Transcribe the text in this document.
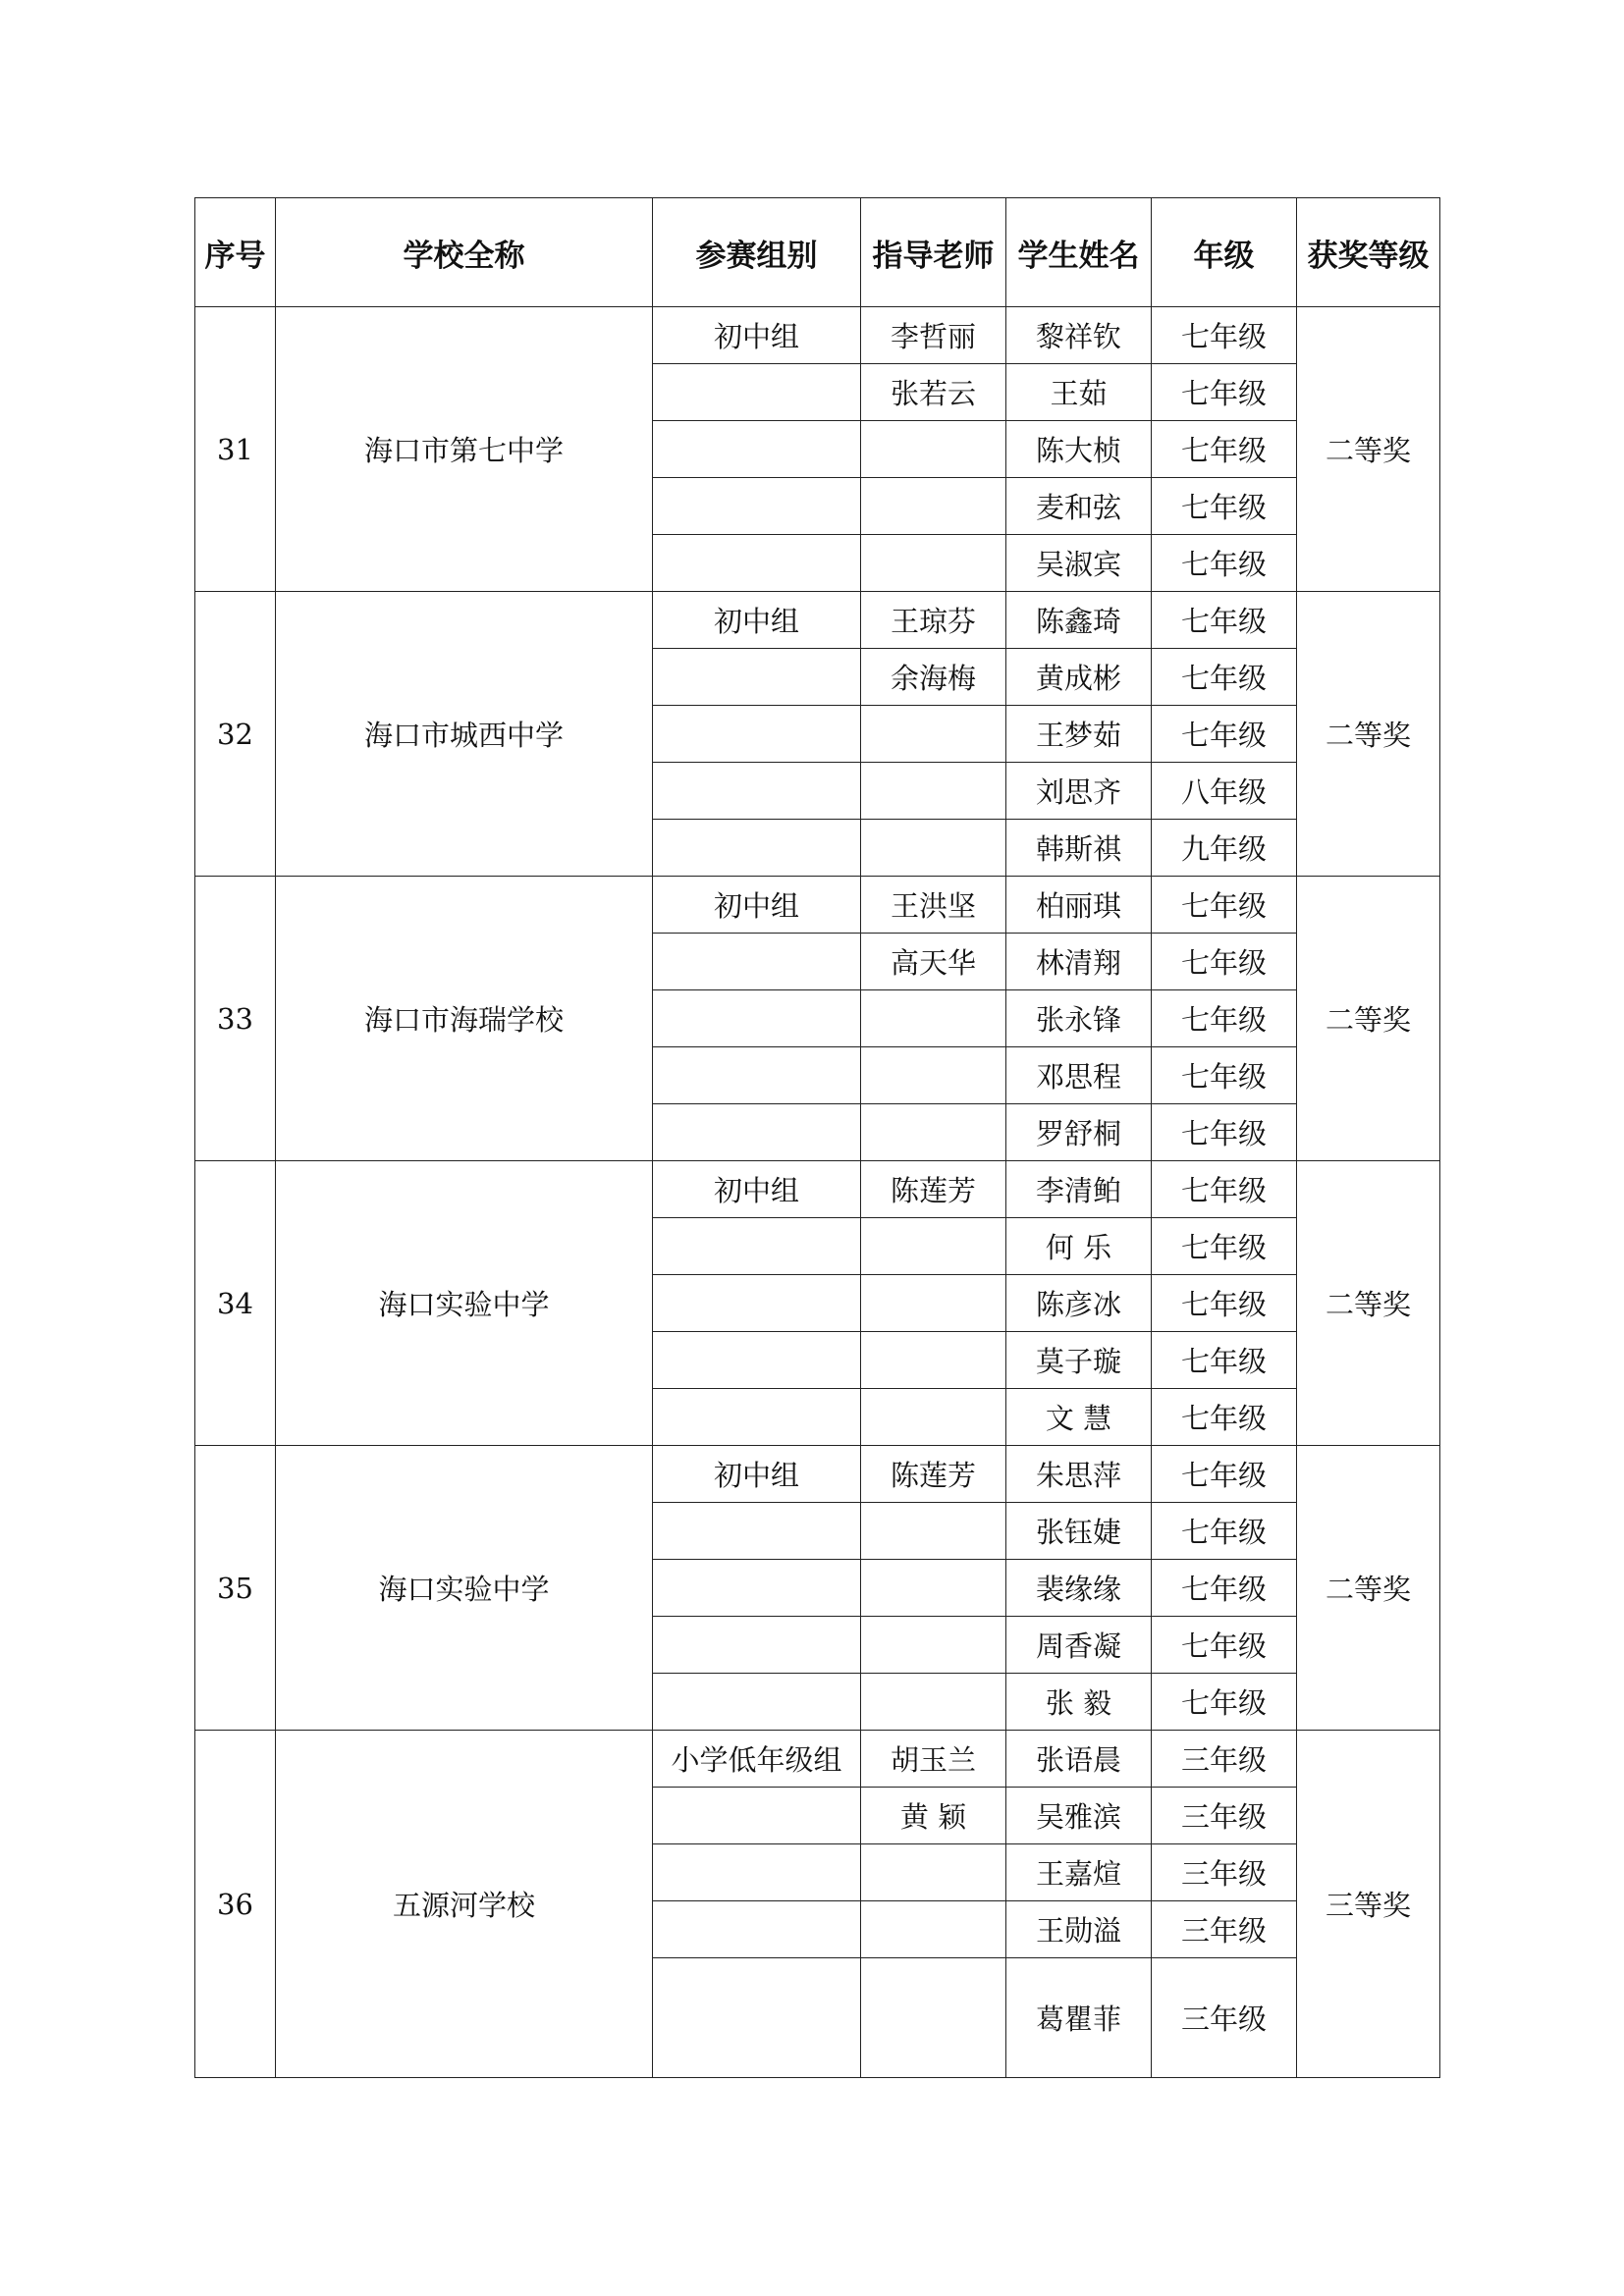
序号	学校全称	参赛组别	指导老师	学生姓名	年级	获奖等级
31	海口市第七中学	初中组	李哲丽	黎祥钦	七年级	二等奖
			张若云	王茹	七年级	
				陈大桢	七年级	
				麦和弦	七年级	
				吴淑宾	七年级	
32	海口市城西中学	初中组	王琼芬	陈鑫琦	七年级	二等奖
			余海梅	黄成彬	七年级	
				王梦茹	七年级	
				刘思齐	八年级	
				韩斯祺	九年级	
33	海口市海瑞学校	初中组	王洪坚	柏丽琪	七年级	二等奖
			高天华	林清翔	七年级	
				张永锋	七年级	
				邓思程	七年级	
				罗舒桐	七年级	
34	海口实验中学	初中组	陈莲芳	李清鲌	七年级	二等奖
				何 乐	七年级	
				陈彦冰	七年级	
				莫子璇	七年级	
				文 慧	七年级	
35	海口实验中学	初中组	陈莲芳	朱思萍	七年级	二等奖
				张钰婕	七年级	
				裴缘缘	七年级	
				周香凝	七年级	
				张 毅	七年级	
36	五源河学校	小学低年级组	胡玉兰	张语晨	三年级	三等奖
			黄 颖	吴雅滨	三年级	
				王嘉煊	三年级	
				王勋溢	三年级	
				葛瞿菲	三年级	
